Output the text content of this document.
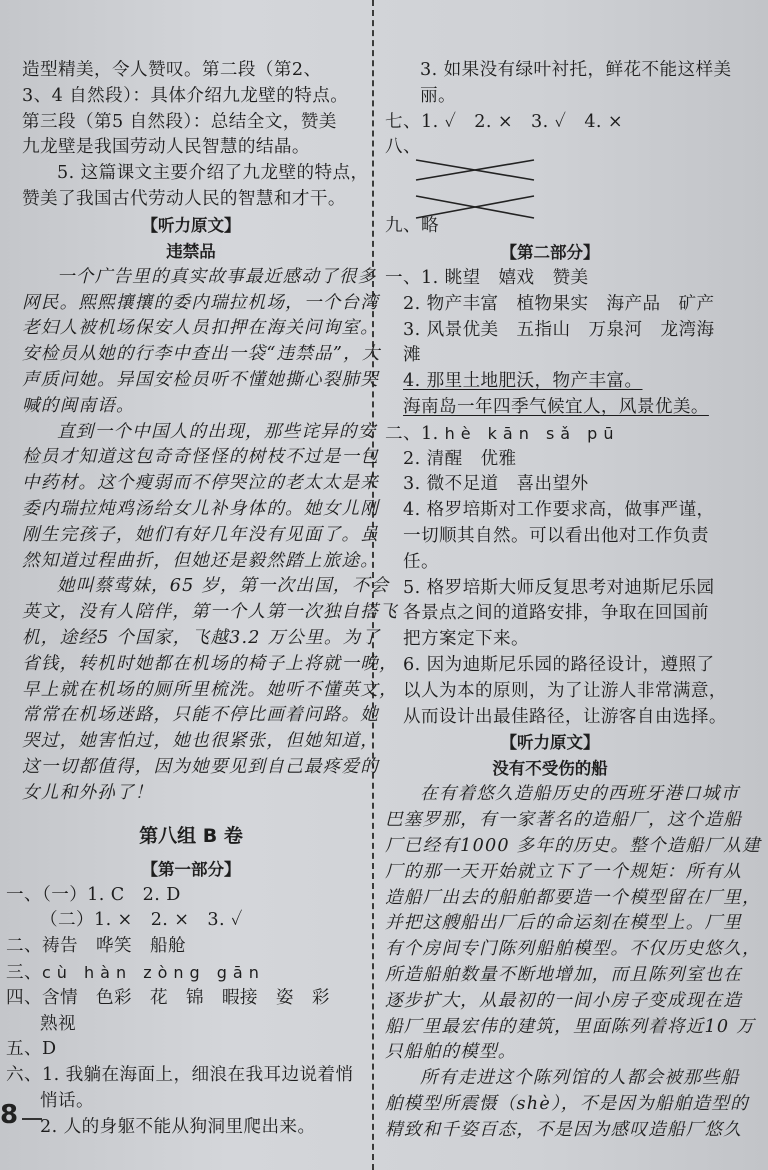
造型精美，令人赞叹。第二段（第2、
3、4 自然段）：具体介绍九龙壁的特点。
第三段（第5 自然段）：总结全文，赞美
九龙壁是我国劳动人民智慧的结晶。
5. 这篇课文主要介绍了九龙壁的特点，
赞美了我国古代劳动人民的智慧和才干。
【听力原文】
违禁品
一个广告里的真实故事最近感动了很多
网民。熙熙攘攘的委内瑞拉机场，一个台湾
老妇人被机场保安人员扣押在海关问询室。
安检员从她的行李中查出一袋“违禁品”，大
声质问她。异国安检员听不懂她撕心裂肺哭
喊的闽南语。
直到一个中国人的出现，那些诧异的安
检员才知道这包奇奇怪怪的树枝不过是一包
中药材。这个瘦弱而不停哭泣的老太太是来
委内瑞拉炖鸡汤给女儿补身体的。她女儿刚
刚生完孩子，她们有好几年没有见面了。虽
然知道过程曲折，但她还是毅然踏上旅途。
她叫蔡莺妹，65 岁，第一次出国，不会
英文，没有人陪伴，第一个人第一次独自搭飞
机，途经5 个国家，飞越3.2 万公里。为了
省钱，转机时她都在机场的椅子上将就一晚，
早上就在机场的厕所里梳洗。她听不懂英文，
常常在机场迷路，只能不停比画着问路。她
哭过，她害怕过，她也很紧张，但她知道，
这一切都值得，因为她要见到自己最疼爱的
女儿和外孙了！
第八组 B 卷
【第一部分】
一、（一）1. C　2. D
（二）1. ×　2. ×　3. ✓
二、祷告　哗笑　船舱
三、cù hàn zòng gān
四、含情　色彩　花　锦　暇接　姿　彩
熟视
五、D
六、1. 我躺在海面上，细浪在我耳边说着悄
悄话。
2. 人的身躯不能从狗洞里爬出来。
3. 如果没有绿叶衬托，鲜花不能这样美
丽。
七、1. ✓　2. ×　3. ✓　4. ×
八、
九、略
【第二部分】
一、1. 眺望　嬉戏　赞美
2. 物产丰富　植物果实　海产品　矿产
3. 风景优美　五指山　万泉河　龙湾海
滩
4. 那里土地肥沃，物产丰富。
海南岛一年四季气候宜人，风景优美。
二、1. hè kān sǎ pū
2. 清醒　优雅
3. 微不足道　喜出望外
4. 格罗培斯对工作要求高，做事严谨，
一切顺其自然。可以看出他对工作负责
任。
5. 格罗培斯大师反复思考对迪斯尼乐园
各景点之间的道路安排，争取在回国前
把方案定下来。
6. 因为迪斯尼乐园的路径设计，遵照了
以人为本的原则，为了让游人非常满意，
从而设计出最佳路径，让游客自由选择。
【听力原文】
没有不受伤的船
在有着悠久造船历史的西班牙港口城市
巴塞罗那，有一家著名的造船厂，这个造船
厂已经有1000 多年的历史。整个造船厂从建
厂的那一天开始就立下了一个规矩：所有从
造船厂出去的船舶都要造一个模型留在厂里，
并把这艘船出厂后的命运刻在模型上。厂里
有个房间专门陈列船舶模型。不仅历史悠久，
所造船舶数量不断地增加，而且陈列室也在
逐步扩大，从最初的一间小房子变成现在造
船厂里最宏伟的建筑，里面陈列着将近10 万
只船舶的模型。
所有走进这个陈列馆的人都会被那些船
舶模型所震慑（shè），不是因为船舶造型的
精致和千姿百态，不是因为感叹造船厂悠久
8
